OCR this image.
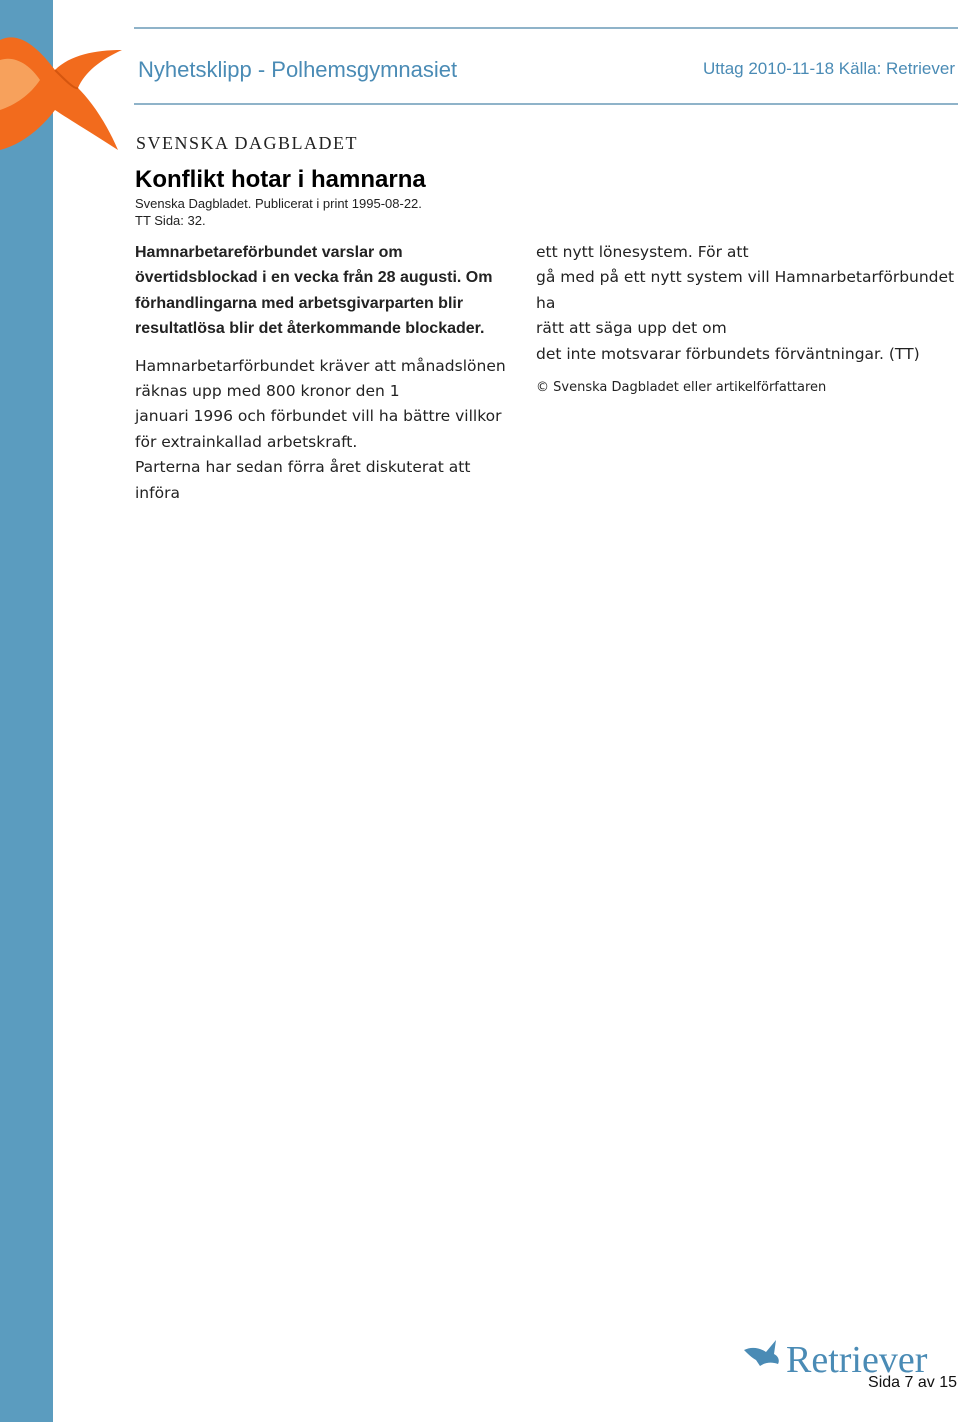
Nyhetsklipp - Polhemsgymnasiet	Uttag 2010-11-18 Källa: Retriever
SVENSKA DAGBLADET
Konflikt hotar i hamnarna
Svenska Dagbladet. Publicerat i print 1995-08-22.
TT Sida: 32.

Hamnarbetareförbundet varslar om

övertidsblockad i en vecka från 28 augusti. Om

förhandlingarna med arbetsgivarparten blir

resultatlösa blir det återkommande blockader.

Hamnarbetarförbundet kräver att månadslönen

räknas upp med 800 kronor den 1

januari 1996 och förbundet vill ha bättre villkor

för extrainkallad arbetskraft.

Parterna har sedan förra året diskuterat att införa

ett nytt lönesystem. För att

gå med på ett nytt system vill Hamnarbetarförbundet ha

rätt att säga upp det om

det inte motsvarar förbundets förväntningar. (TT)

© Svenska Dagbladet eller artikelförfattaren

Retriever
Sida 7 av 15
